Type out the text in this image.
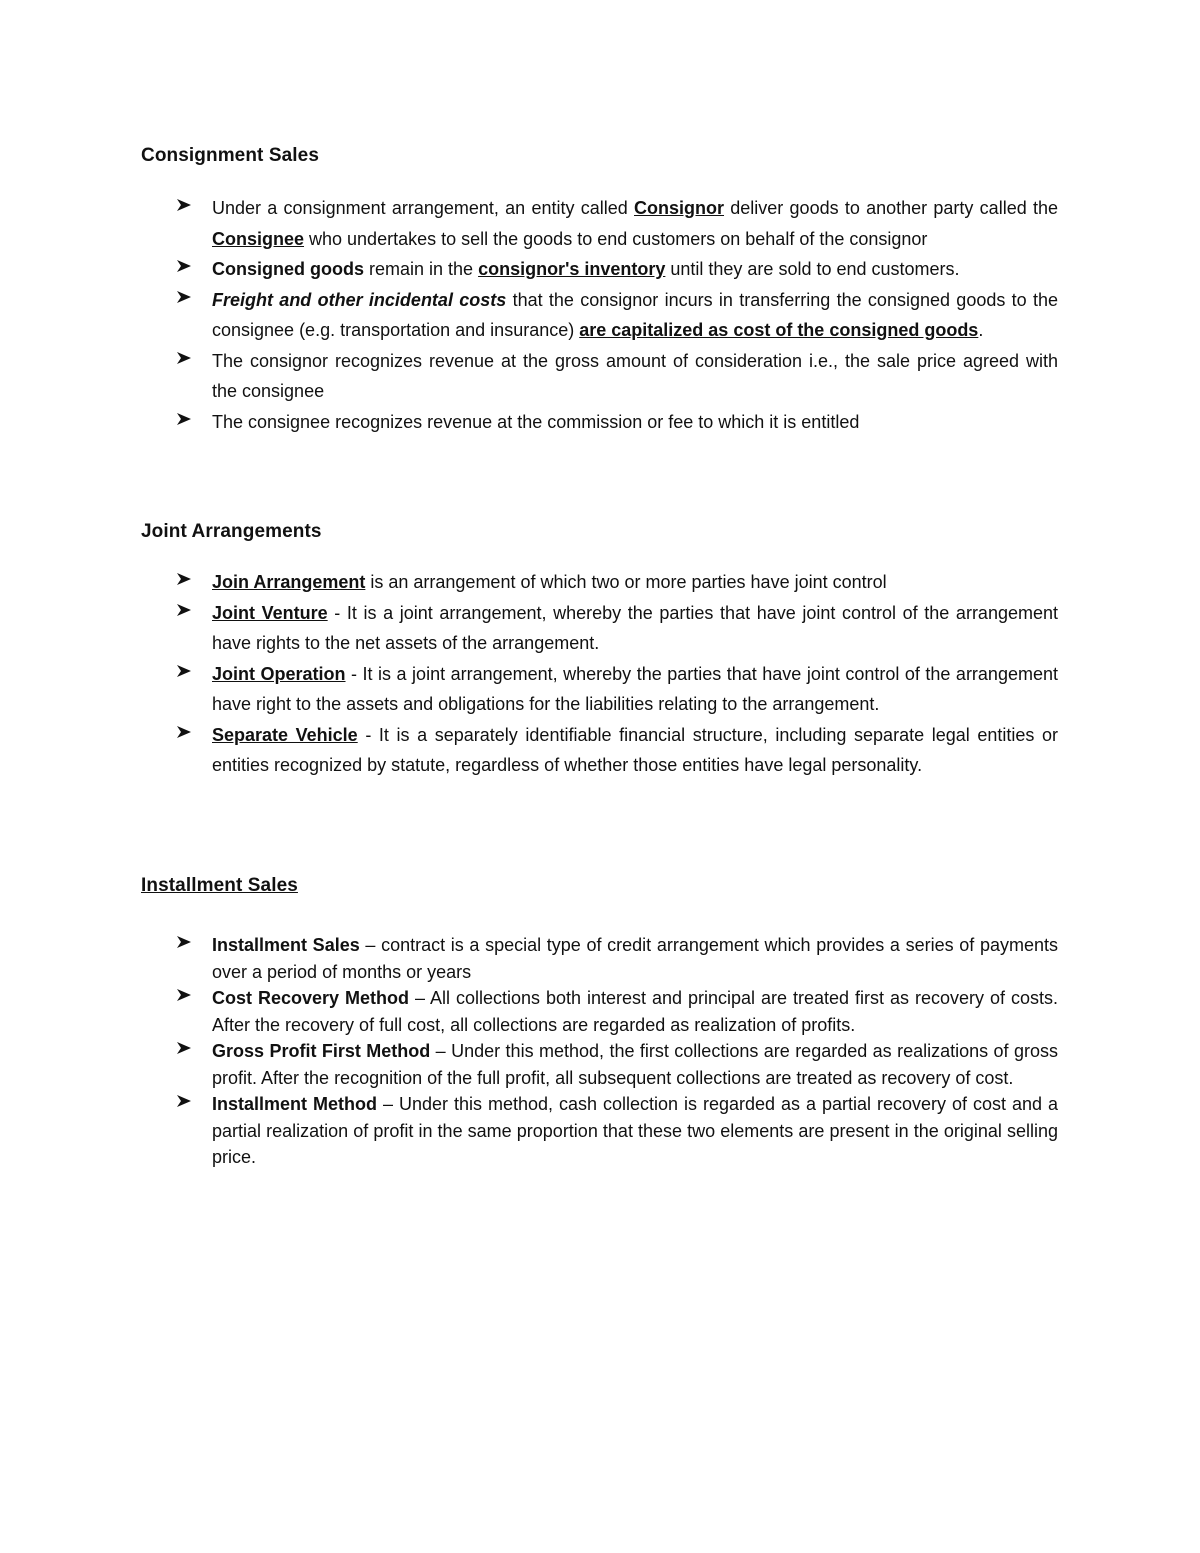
Consignment Sales
Under a consignment arrangement, an entity called Consignor deliver goods to another party called the Consignee who undertakes to sell the goods to end customers on behalf of the consignor
Consigned goods remain in the consignor's inventory until they are sold to end customers.
Freight and other incidental costs that the consignor incurs in transferring the consigned goods to the consignee (e.g. transportation and insurance) are capitalized as cost of the consigned goods.
The consignor recognizes revenue at the gross amount of consideration i.e., the sale price agreed with the consignee
The consignee recognizes revenue at the commission or fee to which it is entitled
Joint Arrangements
Join Arrangement is an arrangement of which two or more parties have joint control
Joint Venture - It is a joint arrangement, whereby the parties that have joint control of the arrangement have rights to the net assets of the arrangement.
Joint Operation - It is a joint arrangement, whereby the parties that have joint control of the arrangement have right to the assets and obligations for the liabilities relating to the arrangement.
Separate Vehicle - It is a separately identifiable financial structure, including separate legal entities or entities recognized by statute, regardless of whether those entities have legal personality.
Installment Sales
Installment Sales – contract is a special type of credit arrangement which provides a series of payments over a period of months or years
Cost Recovery Method – All collections both interest and principal are treated first as recovery of costs. After the recovery of full cost, all collections are regarded as realization of profits.
Gross Profit First Method – Under this method, the first collections are regarded as realizations of gross profit. After the recognition of the full profit, all subsequent collections are treated as recovery of cost.
Installment Method – Under this method, cash collection is regarded as a partial recovery of cost and a partial realization of profit in the same proportion that these two elements are present in the original selling price.
